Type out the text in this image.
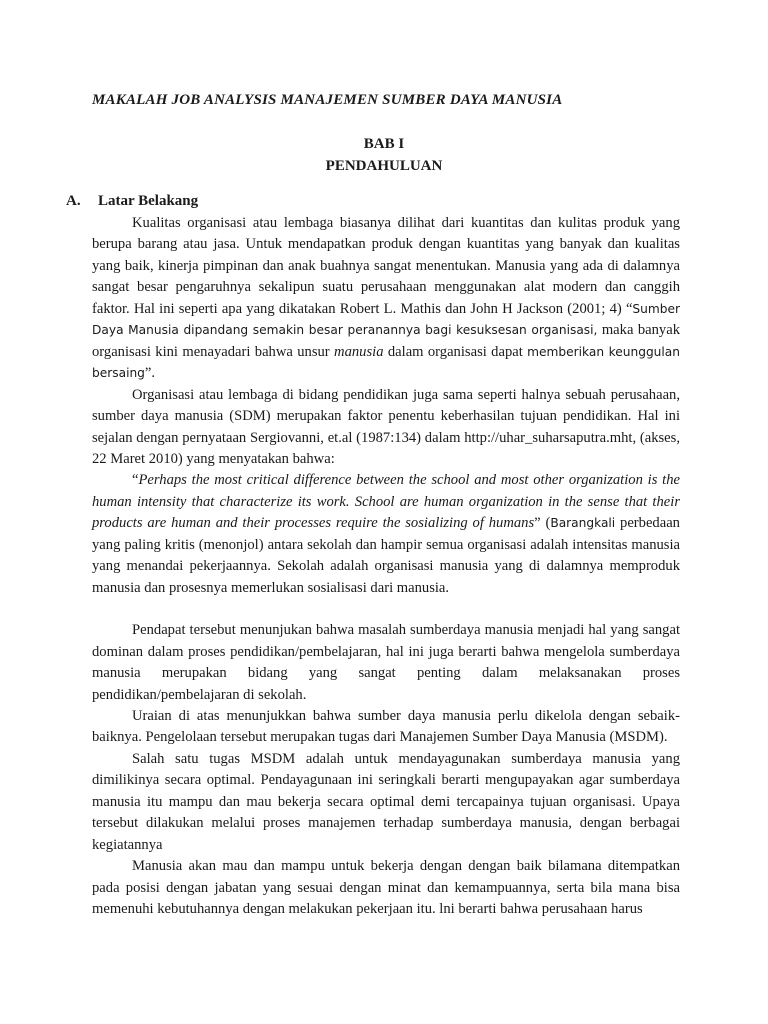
MAKALAH JOB ANALYSIS MANAJEMEN SUMBER DAYA MANUSIA
BAB I
PENDAHULUAN
A. Latar Belakang

Kualitas organisasi atau lembaga biasanya dilihat dari kuantitas dan kulitas produk yang berupa barang atau jasa. Untuk mendapatkan produk dengan kuantitas yang banyak dan kualitas yang baik, kinerja pimpinan dan anak buahnya sangat menentukan. Manusia yang ada di dalamnya sangat besar pengaruhnya sekalipun suatu perusahaan menggunakan alat modern dan canggih faktor. Hal ini seperti apa yang dikatakan Robert L. Mathis dan John H Jackson (2001; 4) “Sumber Daya Manusia dipandang semakin besar peranannya bagi kesuksesan organisasi, maka banyak organisasi kini menayadari bahwa unsur manusia dalam organisasi dapat memberikan keunggulan bersaing”.

Organisasi atau lembaga di bidang pendidikan juga sama seperti halnya sebuah perusahaan, sumber daya manusia (SDM) merupakan faktor penentu keberhasilan tujuan pendidikan. Hal ini sejalan dengan pernyataan Sergiovanni, et.al (1987:134) dalam http://uhar_suharsaputra.mht, (akses, 22 Maret 2010) yang menyatakan bahwa:

“Perhaps the most critical difference between the school and most other organization is the human intensity that characterize its work. School are human organization in the sense that their products are human and their processes require the sosializing of humans” (Barangkali perbedaan yang paling kritis (menonjol) antara sekolah dan hampir semua organisasi adalah intensitas manusia yang menandai pekerjaannya. Sekolah adalah organisasi manusia yang di dalamnya memproduk manusia dan prosesnya memerlukan sosialisasi dari manusia.

Pendapat tersebut menunjukan bahwa masalah sumberdaya manusia menjadi hal yang sangat dominan dalam proses pendidikan/pembelajaran, hal ini juga berarti bahwa mengelola sumberdaya manusia merupakan bidang yang sangat penting dalam melaksanakan proses pendidikan/pembelajaran di sekolah.

Uraian di atas menunjukkan bahwa sumber daya manusia perlu dikelola dengan sebaik-baiknya. Pengelolaan tersebut merupakan tugas dari Manajemen Sumber Daya Manusia (MSDM).

Salah satu tugas MSDM adalah untuk mendayagunakan sumberdaya manusia yang dimilikinya secara optimal. Pendayagunaan ini seringkali berarti mengupayakan agar sumberdaya manusia itu mampu dan mau bekerja secara optimal demi tercapainya tujuan organisasi. Upaya tersebut dilakukan melalui proses manajemen terhadap sumberdaya manusia, dengan berbagai kegiatannya

Manusia akan mau dan mampu untuk bekerja dengan dengan baik bilamana ditempatkan pada posisi dengan jabatan yang sesuai dengan minat dan kemampuannya, serta bila mana bisa memenuhi kebutuhannya dengan melakukan pekerjaan itu. lni berarti bahwa perusahaan harus
